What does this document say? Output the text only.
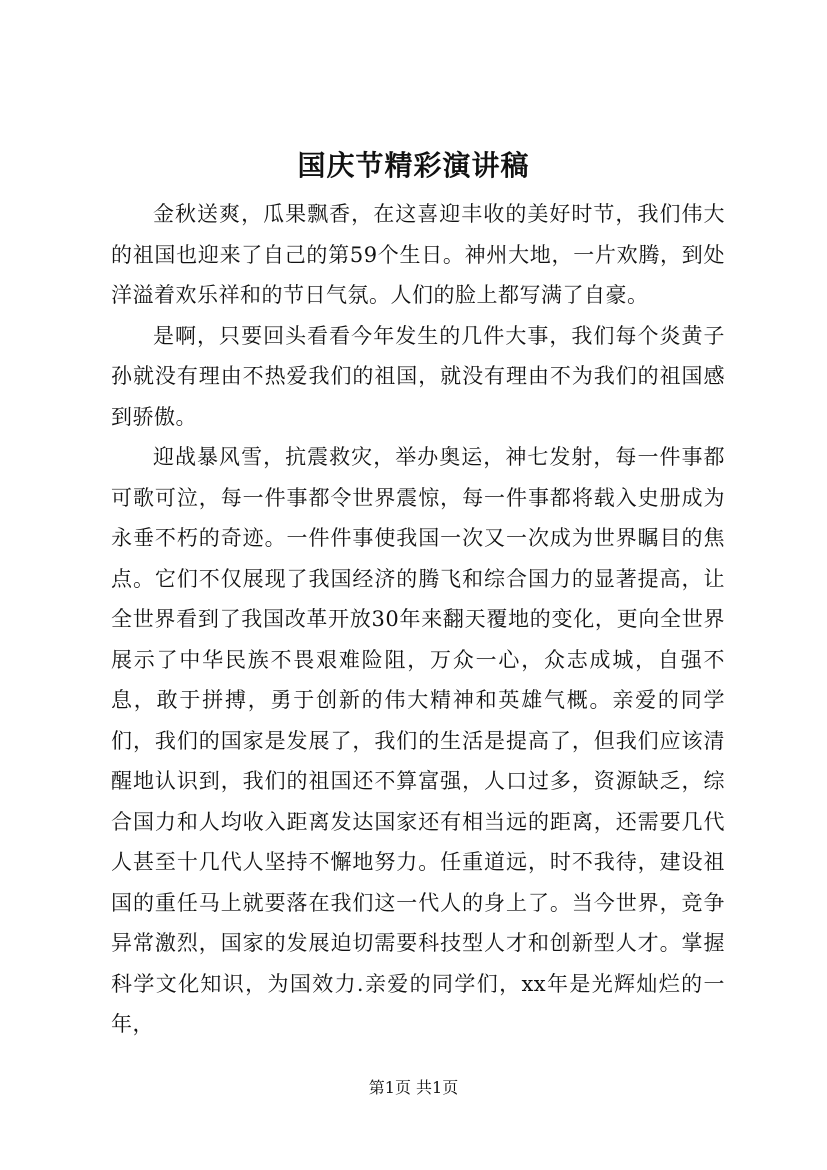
国庆节精彩演讲稿

金秋送爽，瓜果飘香，在这喜迎丰收的美好时节，我们伟大的祖国也迎来了自己的第59个生日。神州大地，一片欢腾，到处洋溢着欢乐祥和的节日气氛。人们的脸上都写满了自豪。

是啊，只要回头看看今年发生的几件大事，我们每个炎黄子孙就没有理由不热爱我们的祖国，就没有理由不为我们的祖国感到骄傲。

迎战暴风雪，抗震救灾，举办奥运，神七发射，每一件事都可歌可泣，每一件事都令世界震惊，每一件事都将载入史册成为永垂不朽的奇迹。一件件事使我国一次又一次成为世界瞩目的焦点。它们不仅展现了我国经济的腾飞和综合国力的显著提高，让全世界看到了我国改革开放30年来翻天覆地的变化，更向全世界展示了中华民族不畏艰难险阻，万众一心，众志成城，自强不息，敢于拼搏，勇于创新的伟大精神和英雄气概。亲爱的同学们，我们的国家是发展了，我们的生活是提高了，但我们应该清醒地认识到，我们的祖国还不算富强，人口过多，资源缺乏，综合国力和人均收入距离发达国家还有相当远的距离，还需要几代人甚至十几代人坚持不懈地努力。任重道远，时不我待，建设祖国的重任马上就要落在我们这一代人的身上了。当今世界，竞争异常激烈，国家的发展迫切需要科技型人才和创新型人才。掌握科学文化知识，为国效力.亲爱的同学们，xx年是光辉灿烂的一年，

第1页 共1页
